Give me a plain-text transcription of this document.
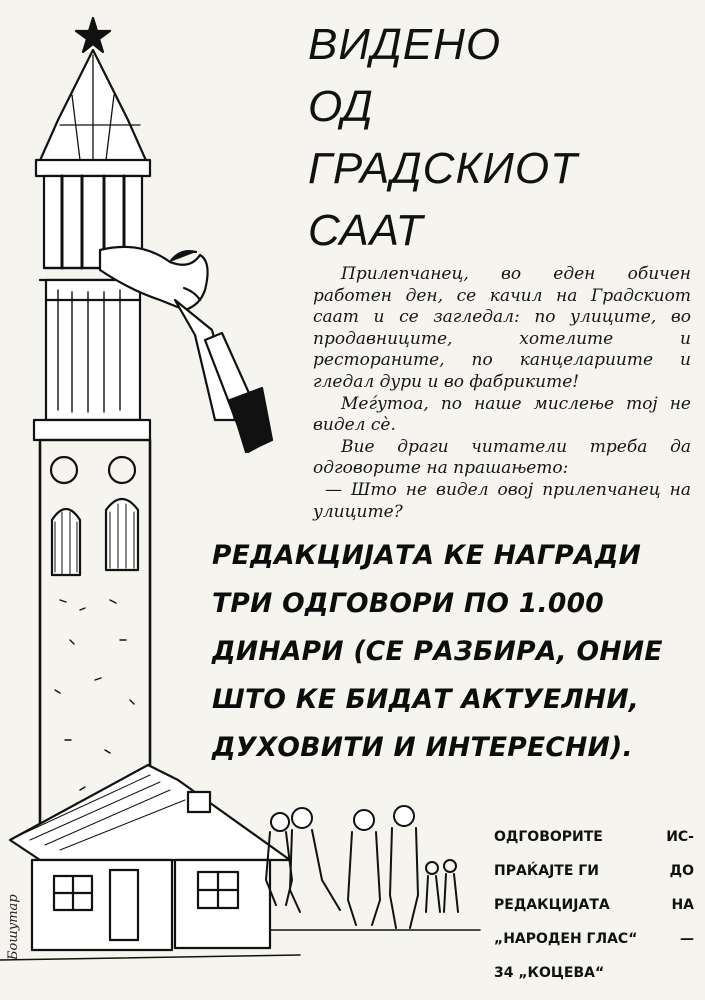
Бошутар
ВИДЕНО
ОД
ГРАДСКИОТ
СААТ

Прилепчанец, во еден обичен работен ден, се качил на Градскиот саат и се загледал: по улиците, во продавниците, хотелите и рестораните, по канцелариите и гледал дури и во фабриките!

Меѓутоа, по наше мислење тој не видел сè.

Вие драги читатели треба да одговорите на прашањето:

— Што не видел овој прилепчанец на улиците?

РЕДАКЦИЈАТА КЕ НАГРАДИ
ТРИ ОДГОВОРИ ПО 1.000
ДИНАРИ (СЕ РАЗБИРА, ОНИЕ
ШТО КЕ БИДАТ АКТУЕЛНИ,
ДУХОВИТИ И ИНТЕРЕСНИ).
ОДГОВОРИТЕ	ИС-
ПРАЌАЈТЕ ГИ	ДО
РЕДАКЦИЈАТА	НА
„НАРОДЕН ГЛАС“	—
34 „КОЦЕВА“
